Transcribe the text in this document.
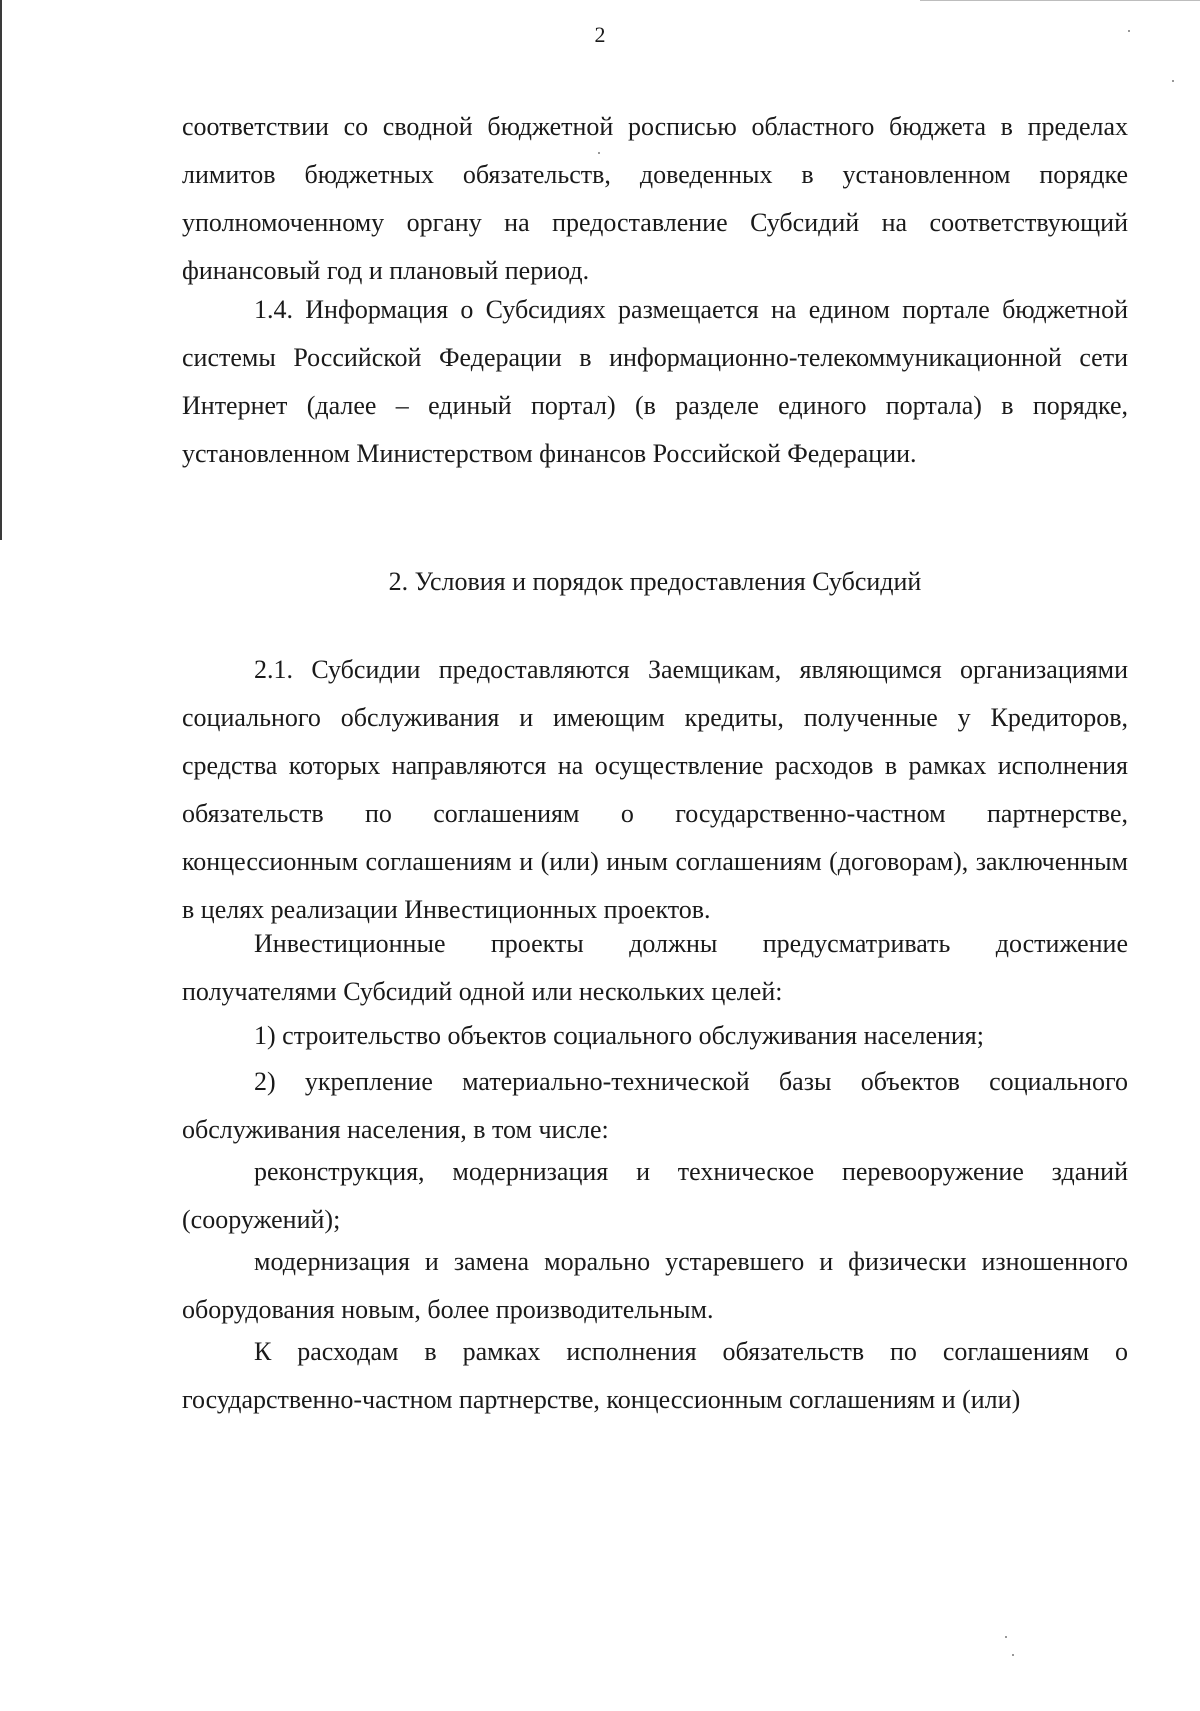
2

соответствии со сводной бюджетной росписью областного бюджета в пределах лимитов бюджетных обязательств, доведенных в установленном порядке уполномоченному органу на предоставление Субсидий на соответствующий финансовый год и плановый период.

1.4. Информация о Субсидиях размещается на едином портале бюджетной системы Российской Федерации в информационно-телекоммуникационной сети Интернет (далее – единый портал) (в разделе единого портала) в порядке, установленном Министерством финансов Российской Федерации.

2. Условия и порядок предоставления Субсидий

2.1. Субсидии предоставляются Заемщикам, являющимся организациями социального обслуживания и имеющим кредиты, полученные у Кредиторов, средства которых направляются на осуществление расходов в рамках исполнения обязательств по соглашениям о государственно-частном партнерстве, концессионным соглашениям и (или) иным соглашениям (договорам), заключенным в целях реализации Инвестиционных проектов.

Инвестиционные проекты должны предусматривать достижение получателями Субсидий одной или нескольких целей:

1) строительство объектов социального обслуживания населения;

2) укрепление материально-технической базы объектов социального обслуживания населения, в том числе:

реконструкция, модернизация и техническое перевооружение зданий (сооружений);

модернизация и замена морально устаревшего и физически изношенного оборудования новым, более производительным.

К расходам в рамках исполнения обязательств по соглашениям о государственно-частном партнерстве, концессионным соглашениям и (или)
